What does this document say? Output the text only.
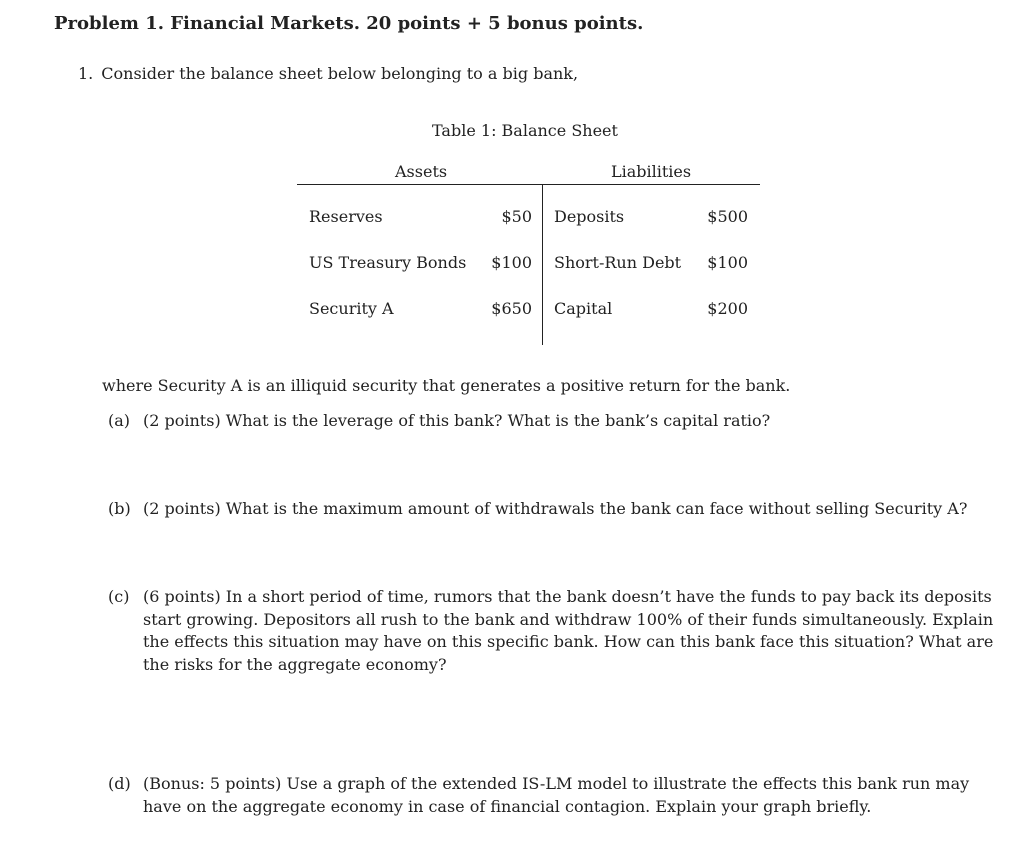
Problem 1. Financial Markets. 20 points + 5 bonus points.
1. Consider the balance sheet below belonging to a big bank,
Table 1: Balance Sheet
Assets	Liabilities
Reserves	$50 Deposits	$500
US Treasury Bonds $100 Short-Run Debt $100
Security A	$650 Capital	$200
where Security A is an illiquid security that generates a positive return for the bank.
(a) (2 points) What is the leverage of this bank? What is the bank’s capital ratio?
(b) (2 points) What is the maximum amount of withdrawals the bank can face without selling Security A?
(c) (6 points) In a short period of time, rumors that the bank doesn’t have the funds to pay back its deposits start growing. Depositors all rush to the bank and withdraw 100% of their funds simultaneously. Explain the effects this situation may have on this specific bank. How can this bank face this situation? What are the risks for the aggregate economy?
(d) (Bonus: 5 points) Use a graph of the extended IS-LM model to illustrate the effects this bank run may have on the aggregate economy in case of financial contagion. Explain your graph briefly.
